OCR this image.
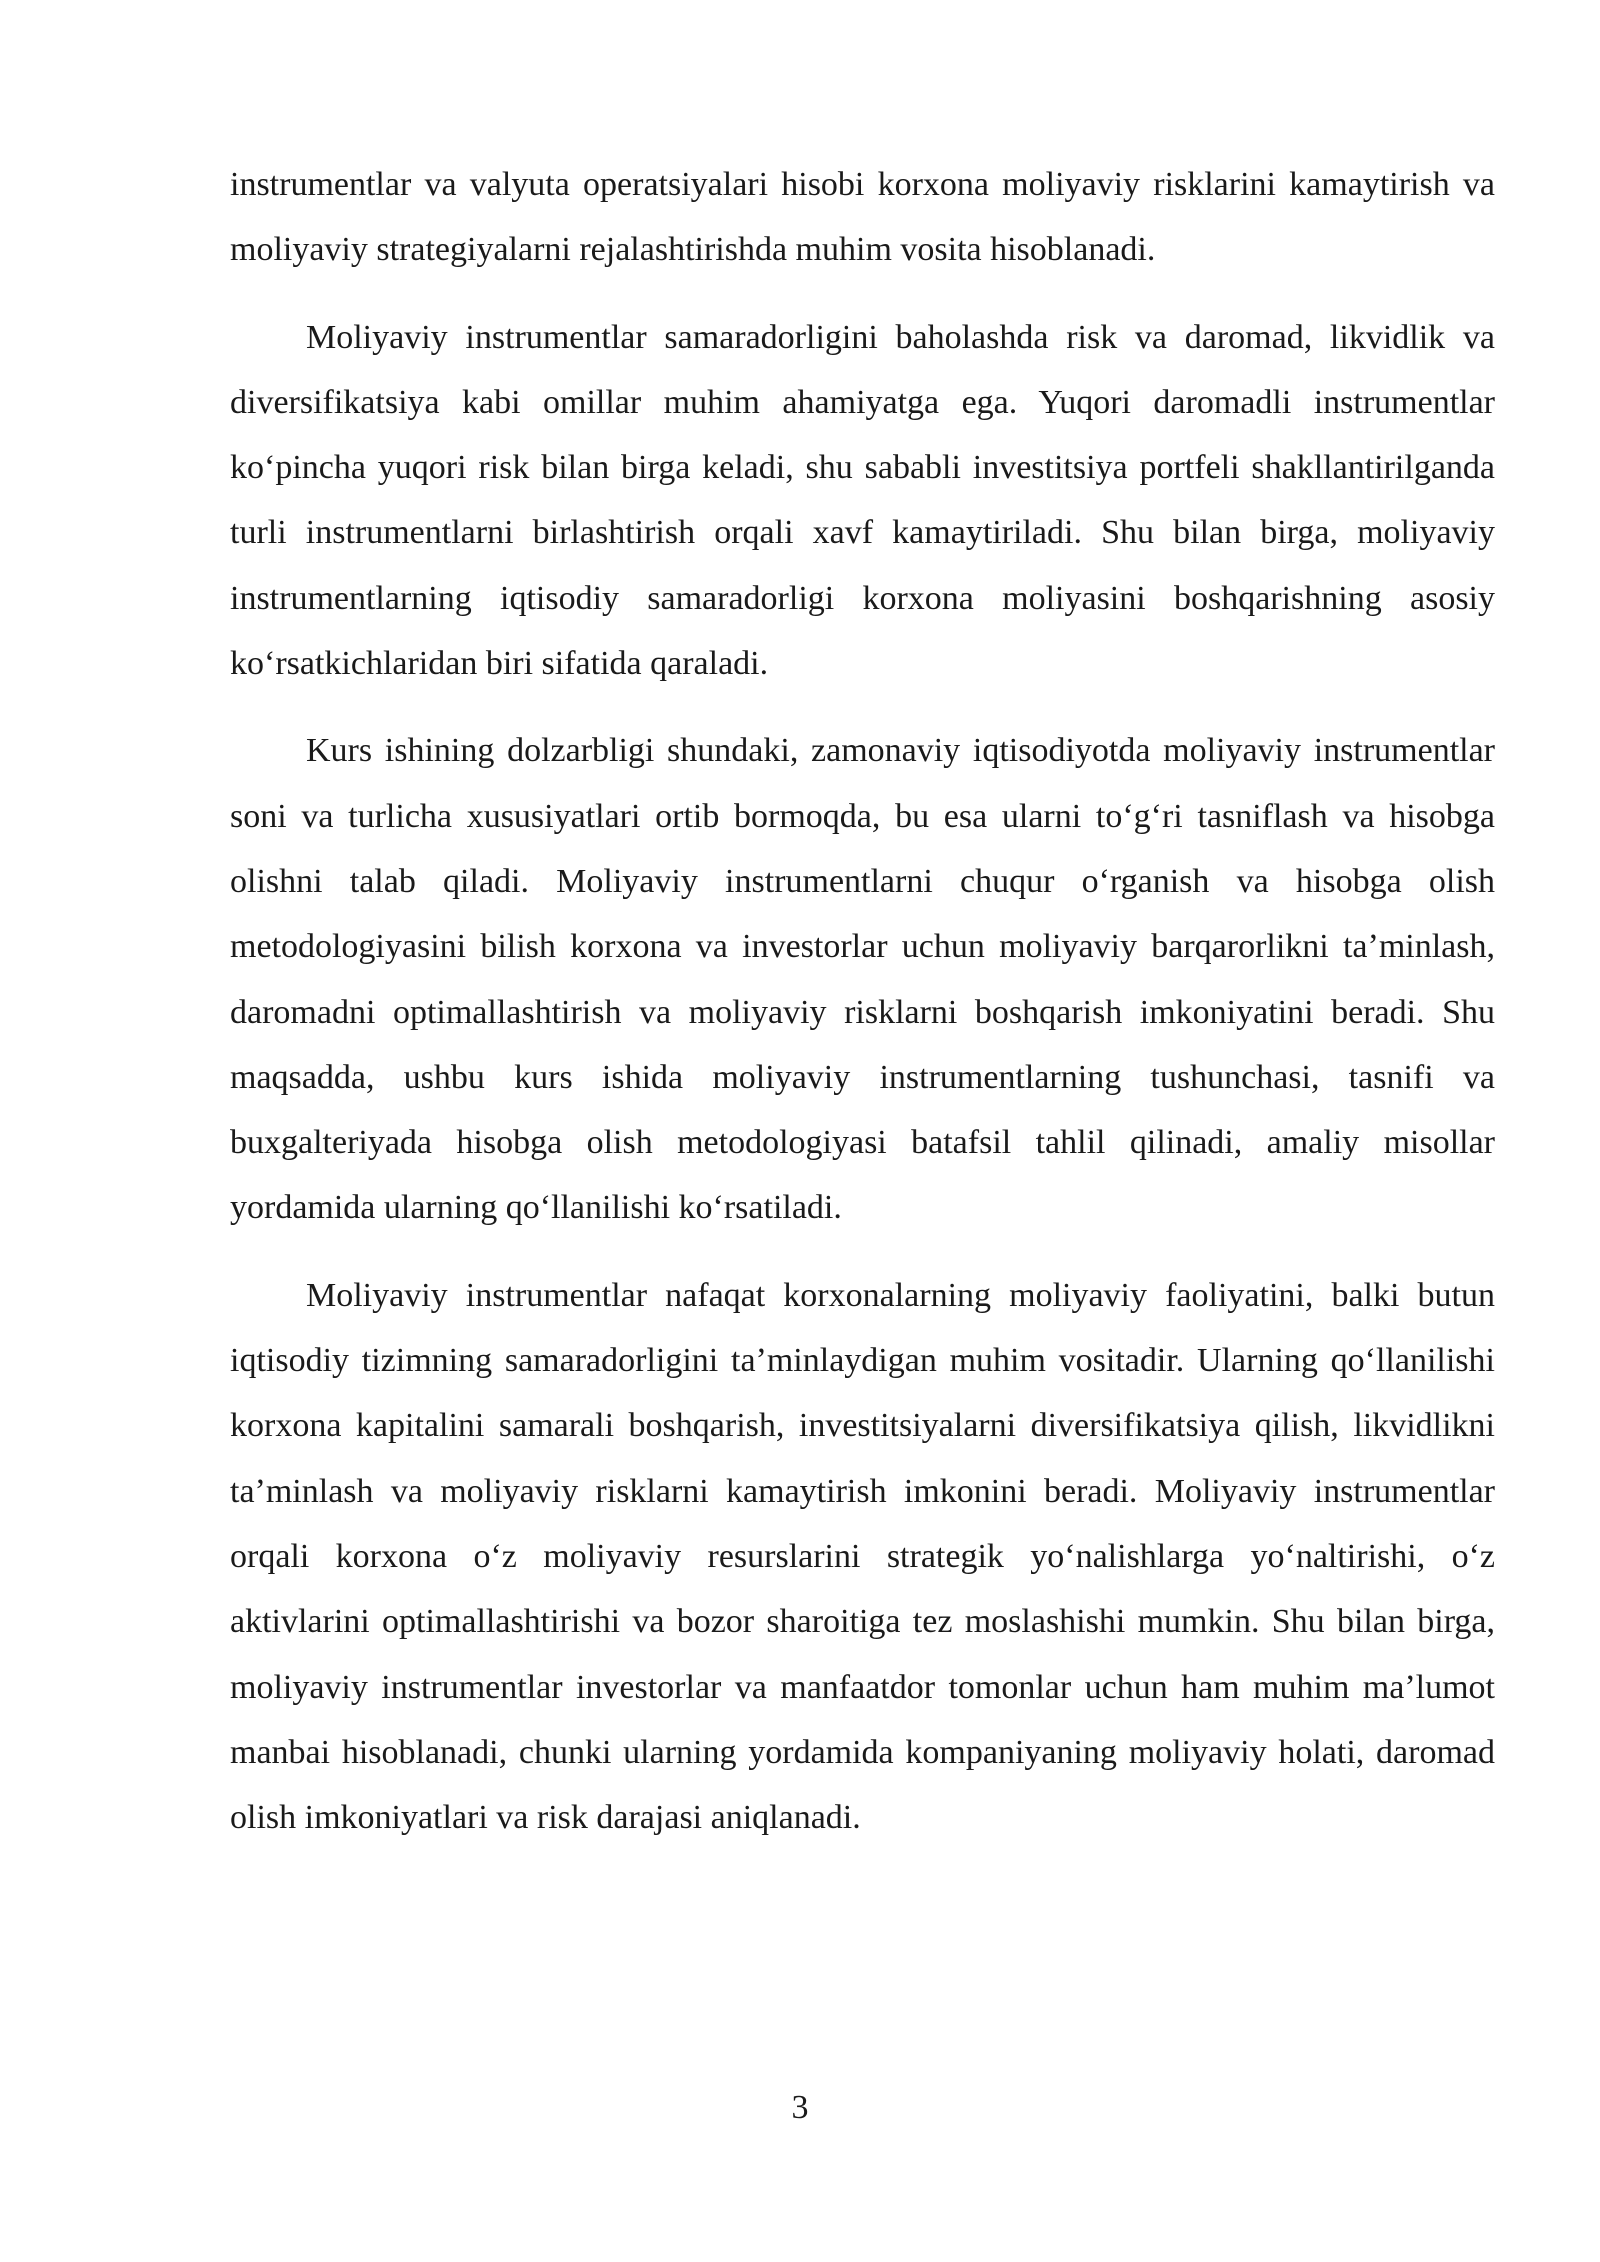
instrumentlar va valyuta operatsiyalari hisobi korxona moliyaviy risklarini kamaytirish va moliyaviy strategiyalarni rejalashtirishda muhim vosita hisoblanadi.

Moliyaviy instrumentlar samaradorligini baholashda risk va daromad, likvidlik va diversifikatsiya kabi omillar muhim ahamiyatga ega. Yuqori daromadli instrumentlar koʻpincha yuqori risk bilan birga keladi, shu sababli investitsiya portfeli shakllantirilganda turli instrumentlarni birlashtirish orqali xavf kamaytiriladi. Shu bilan birga, moliyaviy instrumentlarning iqtisodiy samaradorligi korxona moliyasini boshqarishning asosiy koʻrsatkichlaridan biri sifatida qaraladi.

Kurs ishining dolzarbligi shundaki, zamonaviy iqtisodiyotda moliyaviy instrumentlar soni va turlicha xususiyatlari ortib bormoqda, bu esa ularni toʻgʻri tasniflash va hisobga olishni talab qiladi. Moliyaviy instrumentlarni chuqur oʻrganish va hisobga olish metodologiyasini bilish korxona va investorlar uchun moliyaviy barqarorlikni taʼminlash, daromadni optimallashtirish va moliyaviy risklarni boshqarish imkoniyatini beradi. Shu maqsadda, ushbu kurs ishida moliyaviy instrumentlarning tushunchasi, tasnifi va buxgalteriyada hisobga olish metodologiyasi batafsil tahlil qilinadi, amaliy misollar yordamida ularning qoʻllanilishi koʻrsatiladi.

Moliyaviy instrumentlar nafaqat korxonalarning moliyaviy faoliyatini, balki butun iqtisodiy tizimning samaradorligini taʼminlaydigan muhim vositadir. Ularning qoʻllanilishi korxona kapitalini samarali boshqarish, investitsiyalarni diversifikatsiya qilish, likvidlikni taʼminlash va moliyaviy risklarni kamaytirish imkonini beradi. Moliyaviy instrumentlar orqali korxona oʻz moliyaviy resurslarini strategik yoʻnalishlarga yoʻnaltirishi, oʻz aktivlarini optimallashtirishi va bozor sharoitiga tez moslashishi mumkin. Shu bilan birga, moliyaviy instrumentlar investorlar va manfaatdor tomonlar uchun ham muhim maʼlumot manbai hisoblanadi, chunki ularning yordamida kompaniyaning moliyaviy holati, daromad olish imkoniyatlari va risk darajasi aniqlanadi.

3
